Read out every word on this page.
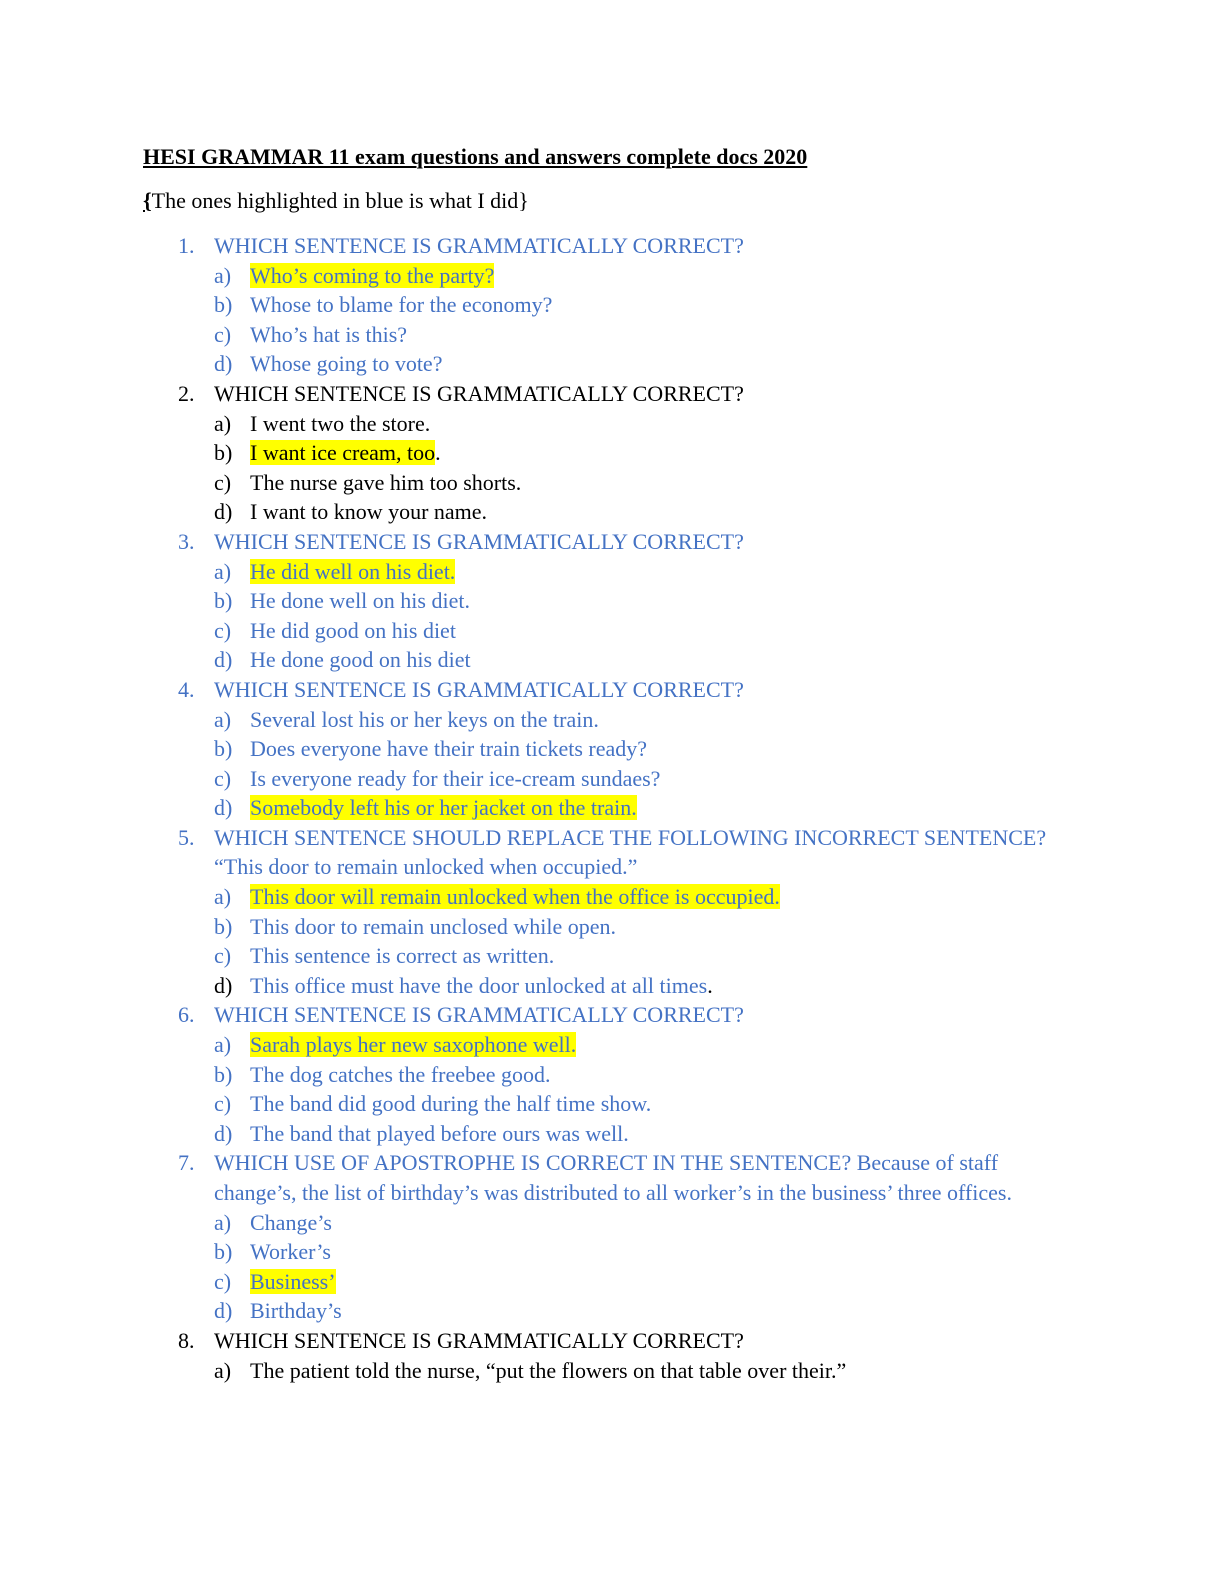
HESI GRAMMAR 11 exam questions and answers complete docs 2020
{The ones highlighted in blue is what I did}
1. WHICH SENTENCE IS GRAMMATICALLY CORRECT?
a) Who’s coming to the party?
b) Whose to blame for the economy?
c) Who’s hat is this?
d) Whose going to vote?
2. WHICH SENTENCE IS GRAMMATICALLY CORRECT?
a) I went two the store.
b) I want ice cream, too.
c) The nurse gave him too shorts.
d) I want to know your name.
3. WHICH SENTENCE IS GRAMMATICALLY CORRECT?
a) He did well on his diet.
b) He done well on his diet.
c) He did good on his diet
d) He done good on his diet
4. WHICH SENTENCE IS GRAMMATICALLY CORRECT?
a) Several lost his or her keys on the train.
b) Does everyone have their train tickets ready?
c) Is everyone ready for their ice-cream sundaes?
d) Somebody left his or her jacket on the train.
5. WHICH SENTENCE SHOULD REPLACE THE FOLLOWING INCORRECT SENTENCE? “This door to remain unlocked when occupied.”
a) This door will remain unlocked when the office is occupied.
b) This door to remain unclosed while open.
c) This sentence is correct as written.
d) This office must have the door unlocked at all times.
6. WHICH SENTENCE IS GRAMMATICALLY CORRECT?
a) Sarah plays her new saxophone well.
b) The dog catches the freebee good.
c) The band did good during the half time show.
d) The band that played before ours was well.
7. WHICH USE OF APOSTROPHE IS CORRECT IN THE SENTENCE? Because of staff change’s, the list of birthday’s was distributed to all worker’s in the business’ three offices.
a) Change’s
b) Worker’s
c) Business’
d) Birthday’s
8. WHICH SENTENCE IS GRAMMATICALLY CORRECT?
a) The patient told the nurse, “put the flowers on that table over their.”
